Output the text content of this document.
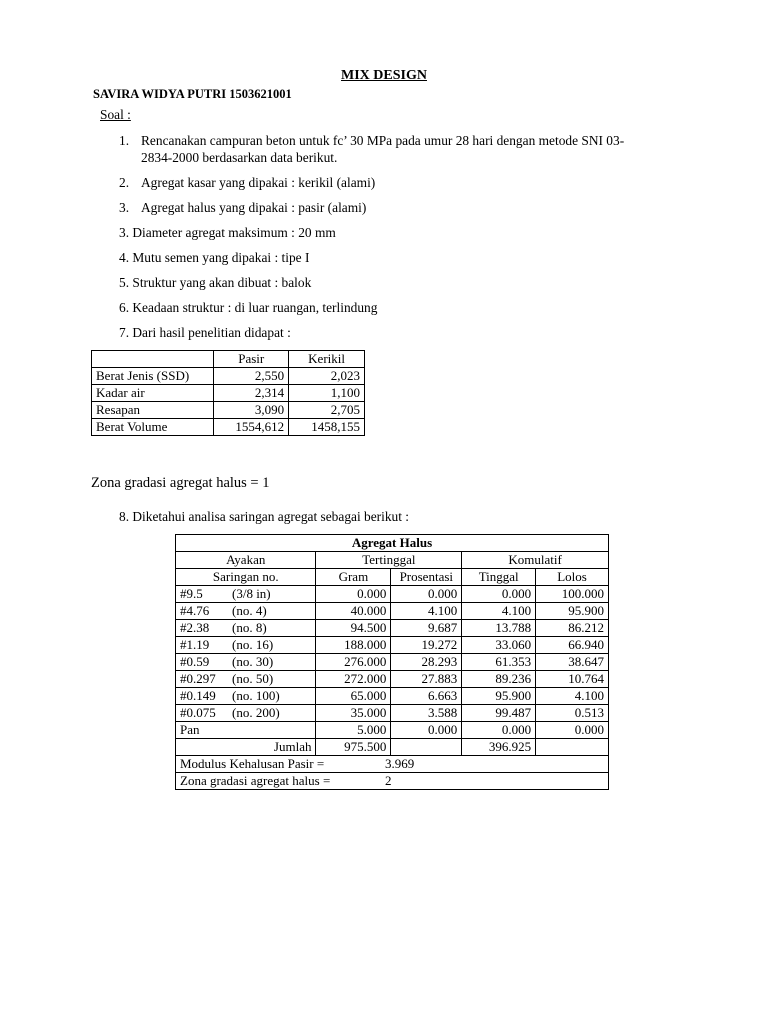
MIX DESIGN
SAVIRA WIDYA PUTRI 1503621001
Soal :
1. Rencanakan campuran beton untuk fc’ 30 MPa pada umur 28 hari dengan metode SNI 03-
2834-2000 berdasarkan data berikut.
2. Agregat kasar yang dipakai : kerikil (alami)
3. Agregat halus yang dipakai : pasir (alami)
3. Diameter agregat maksimum : 20 mm
4. Mutu semen yang dipakai : tipe I
5. Struktur yang akan dibuat : balok
6. Keadaan struktur : di luar ruangan, terlindung
7. Dari hasil penelitian didapat :
	Pasir	Kerikil
Berat Jenis (SSD)	2,550	2,023
Kadar air	2,314	1,100
Resapan	3,090	2,705
Berat Volume	1554,612	1458,155
Zona gradasi agregat halus = 1
8. Diketahui analisa saringan agregat sebagai berikut :
Agregat Halus				
Ayakan	Tertinggal		Komulatif	
Saringan no.	Gram	Prosentasi	Tinggal	Lolos
#9.5 (3/8 in)	0.000	0.000	0.000	100.000
#4.76 (no. 4)	40.000	4.100	4.100	95.900
#2.38 (no. 8)	94.500	9.687	13.788	86.212
#1.19 (no. 16)	188.000	19.272	33.060	66.940
#0.59 (no. 30)	276.000	28.293	61.353	38.647
#0.297 (no. 50)	272.000	27.883	89.236	10.764
#0.149 (no. 100)	65.000	6.663	95.900	4.100
#0.075 (no. 200)	35.000	3.588	99.487	0.513
Pan	5.000	0.000	0.000	0.000
Jumlah	975.500		396.925	
Modulus Kehalusan Pasir = 3.969				
Zona gradasi agregat halus = 2				
